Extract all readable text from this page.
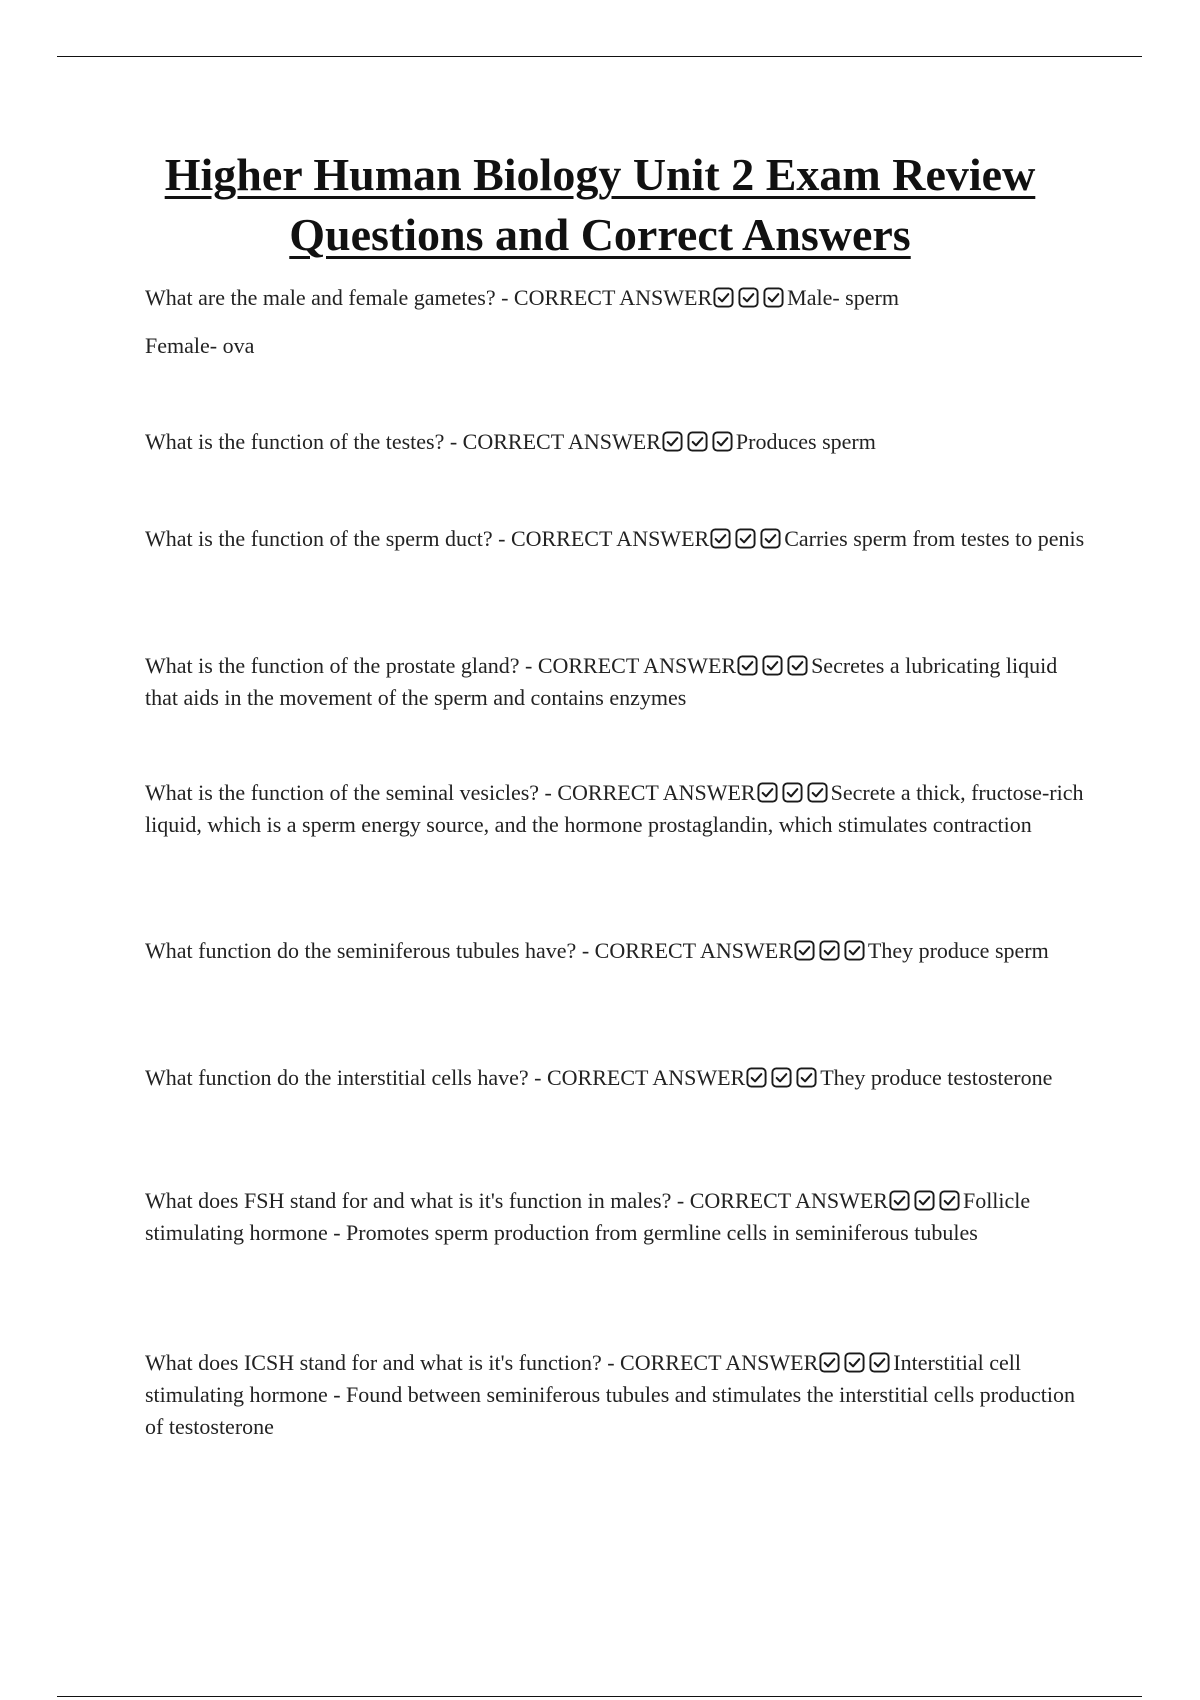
Higher Human Biology Unit 2 Exam Review Questions and Correct Answers

What are the male and female gametes? - CORRECT ANSWER	Male- sperm
Female- ova

What is the function of the testes? - CORRECT ANSWER	Produces sperm

What is the function of the sperm duct? - CORRECT ANSWER	Carries sperm from testes to penis

What is the function of the prostate gland? - CORRECT ANSWER	Secretes a lubricating liquid that aids in the movement of the sperm and contains enzymes

What is the function of the seminal vesicles? - CORRECT ANSWER	Secrete a thick, fructose-rich liquid, which is a sperm energy source, and the hormone prostaglandin, which stimulates contraction

What function do the seminiferous tubules have? - CORRECT ANSWER	They produce sperm

What function do the interstitial cells have? - CORRECT ANSWER	They produce testosterone

What does FSH stand for and what is it's function in males? - CORRECT ANSWER	Follicle stimulating hormone - Promotes sperm production from germline cells in seminiferous tubules

What does ICSH stand for and what is it's function? - CORRECT ANSWER	Interstitial cell stimulating hormone - Found between seminiferous tubules and stimulates the interstitial cells production of testosterone
